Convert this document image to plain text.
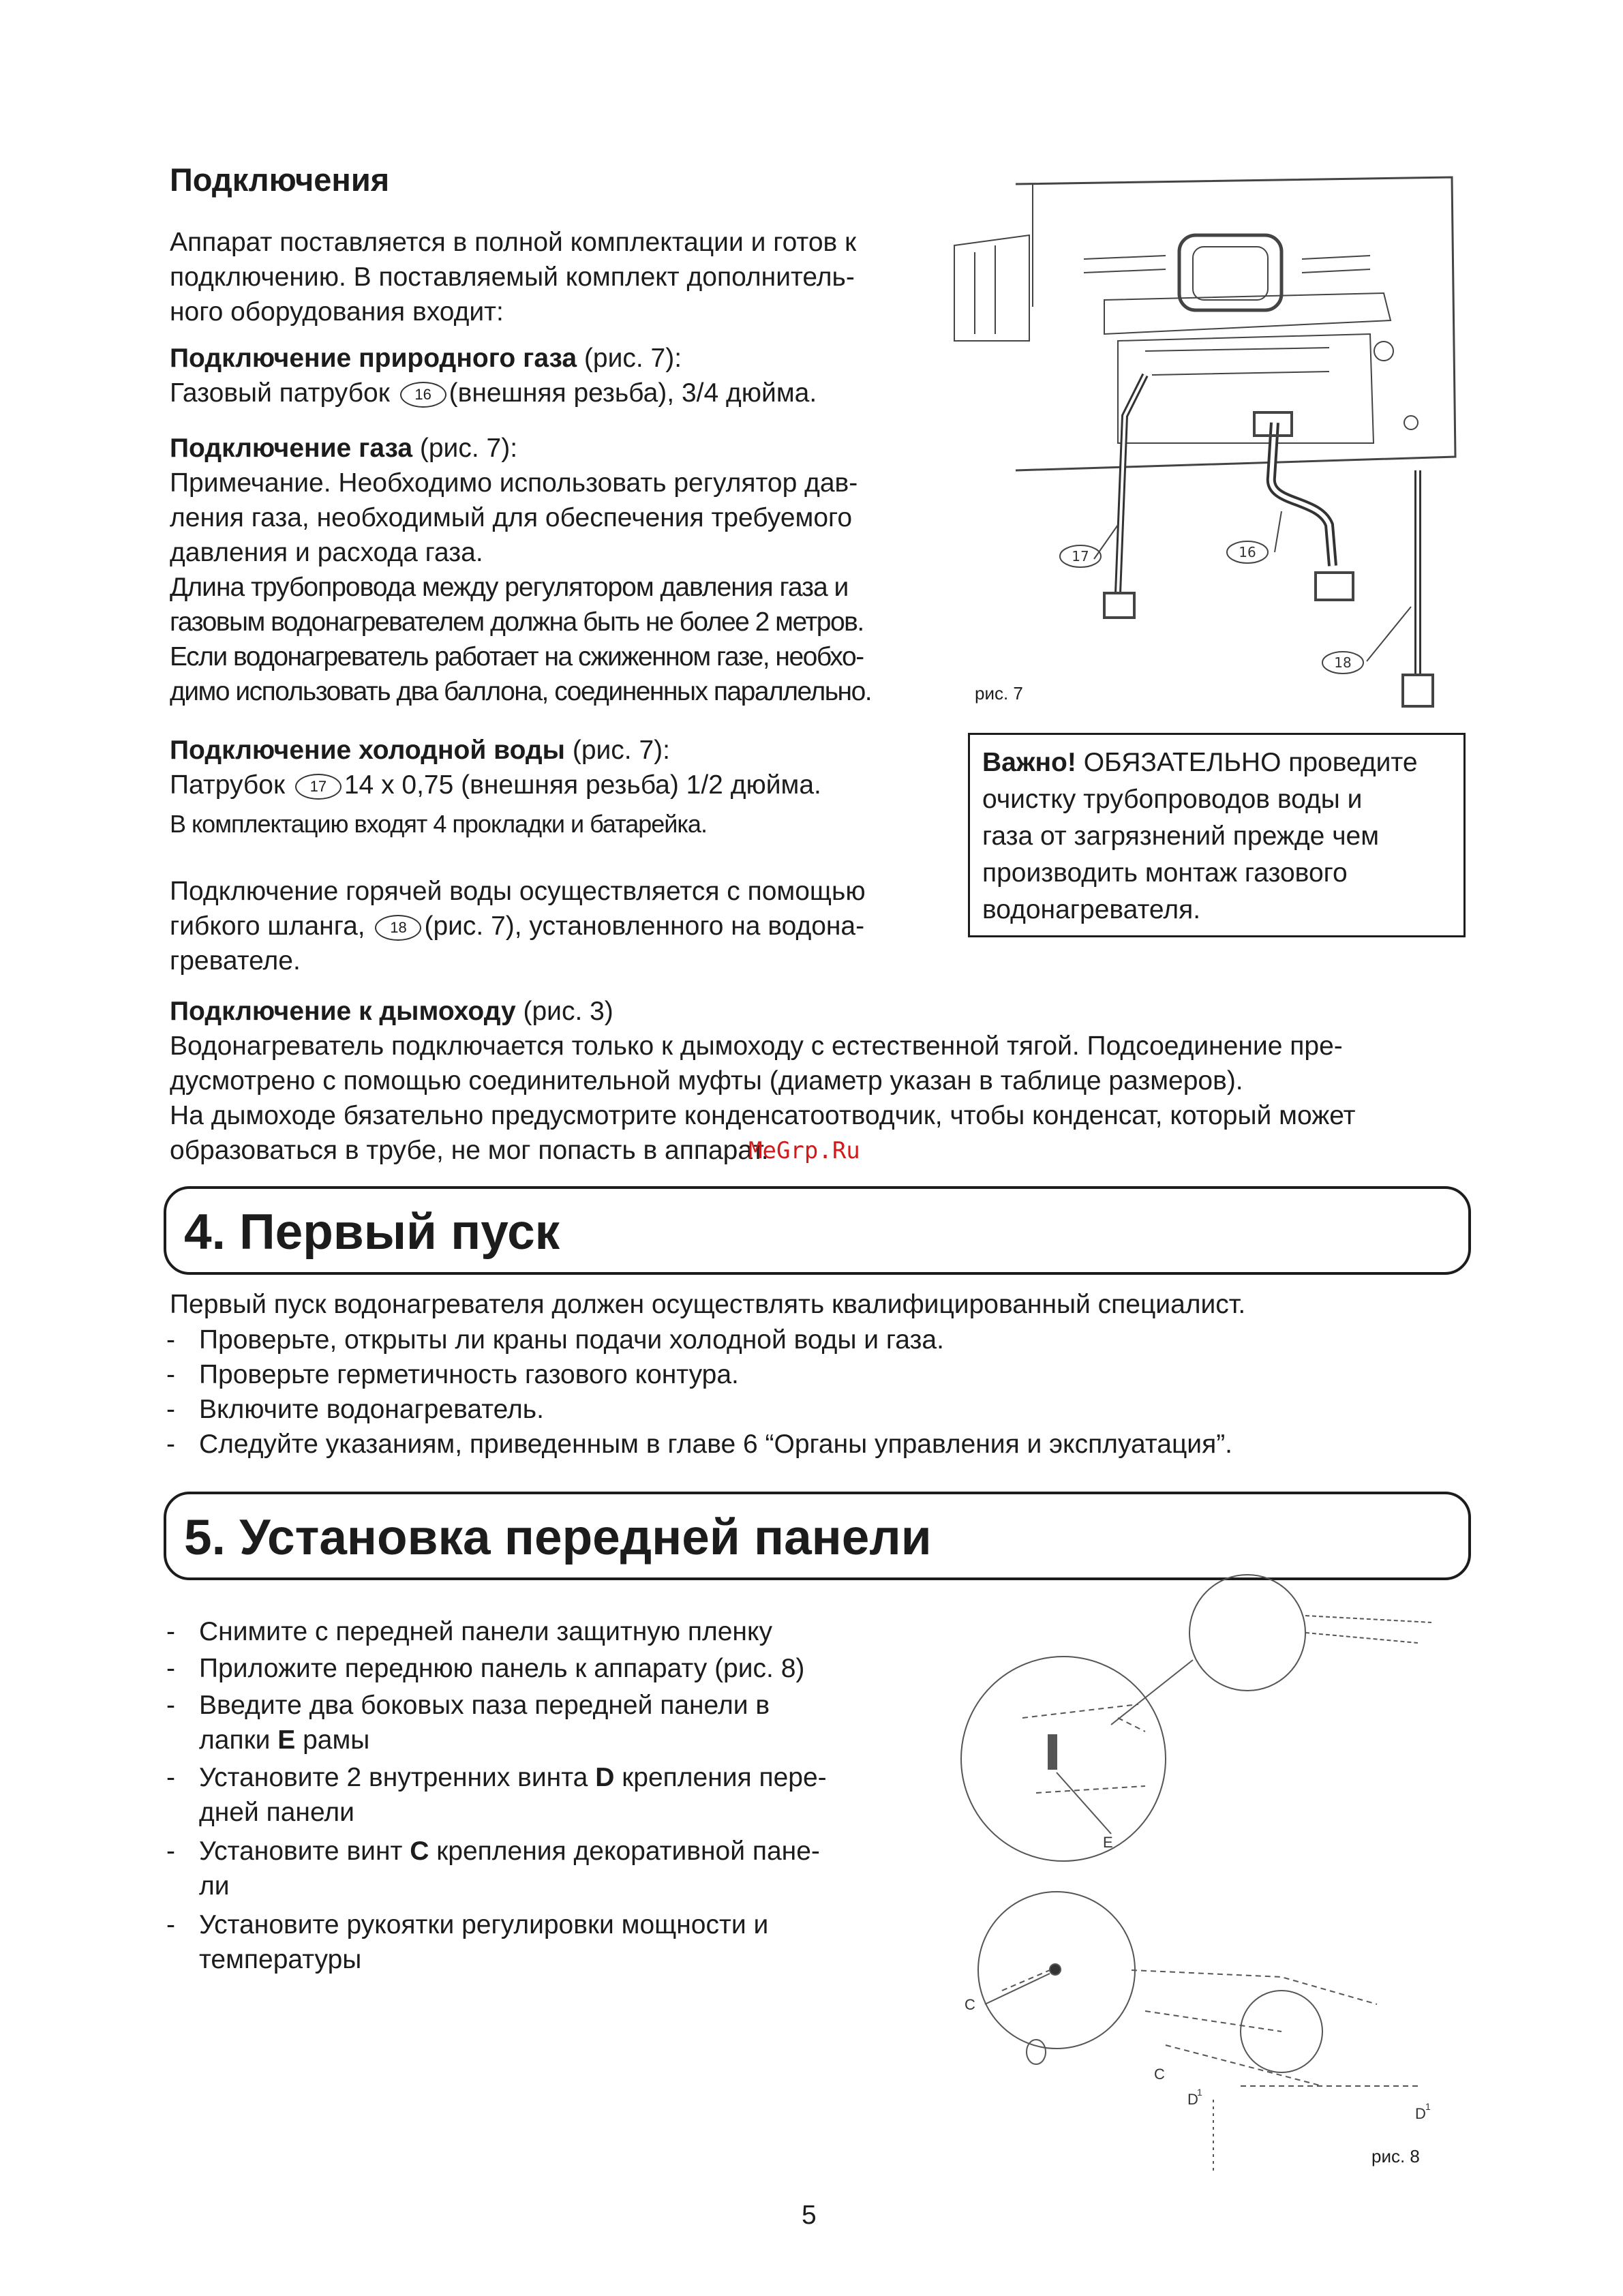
Подключения
Аппарат поставляется в полной комплектации и готов к
подключению. В поставляемый комплект дополнитель-
ного оборудования входит:
Подключение природного газа (рис. 7):
Газовый патрубок 16 (внешняя резьба), 3/4 дюйма.
Подключение газа (рис. 7):
Примечание. Необходимо использовать регулятор дав-
ления газа, необходимый для обеспечения требуемого
давления и расхода газа.
Длина трубопровода между регулятором давления газа и
газовым водонагревателем должна быть не более 2 метров.
Если водонагреватель работает на сжиженном газе, необхо-
димо использовать два баллона, соединенных параллельно.
Подключение холодной воды (рис. 7):
Патрубок 17 14 x 0,75 (внешняя резьба) 1/2 дюйма.
В комплектацию входят 4 прокладки и батарейка.
Подключение горячей воды осуществляется с помощью
гибкого шланга, 18 (рис. 7), установленного на водона-
гревателе.
Подключение к дымоходу (рис. 3)
Водонагреватель подключается только к дымоходу с естественной тягой. Подсоединение пре-
дусмотрено с помощью соединительной муфты (диаметр указан в таблице размеров).
На дымоходе бязательно предусмотрите конденсатоотводчик, чтобы конденсат, который может
образоваться в трубе, не мог попасть в аппарат.
MeGrp.Ru
17	16
18
рис. 7
Важно! ОБЯЗАТЕЛЬНО проведите
очистку трубопроводов воды и
газа от загрязнений прежде чем
производить монтаж газового
водонагревателя.
4. Первый пуск
Первый пуск водонагревателя должен осуществлять квалифицированный специалист.
- Проверьте, открыты ли краны подачи холодной воды и газа.
- Проверьте герметичность газового контура.
- Включите водонагреватель.
- Следуйте указаниям, приведенным в главе 6 “Органы управления и эксплуатация”.
5. Установка передней панели
- Снимите с передней панели защитную пленку
- Приложите переднюю панель к аппарату (рис. 8)
- Введите два боковых паза передней панели в
лапки E рамы
- Установите 2 внутренних винта D крепления пере-
дней панели
- Установите винт C крепления декоративной пане-
ли
- Установите рукоятки регулировки мощности и
температуры
E
C
C
D
1
D 1
рис. 8
5
